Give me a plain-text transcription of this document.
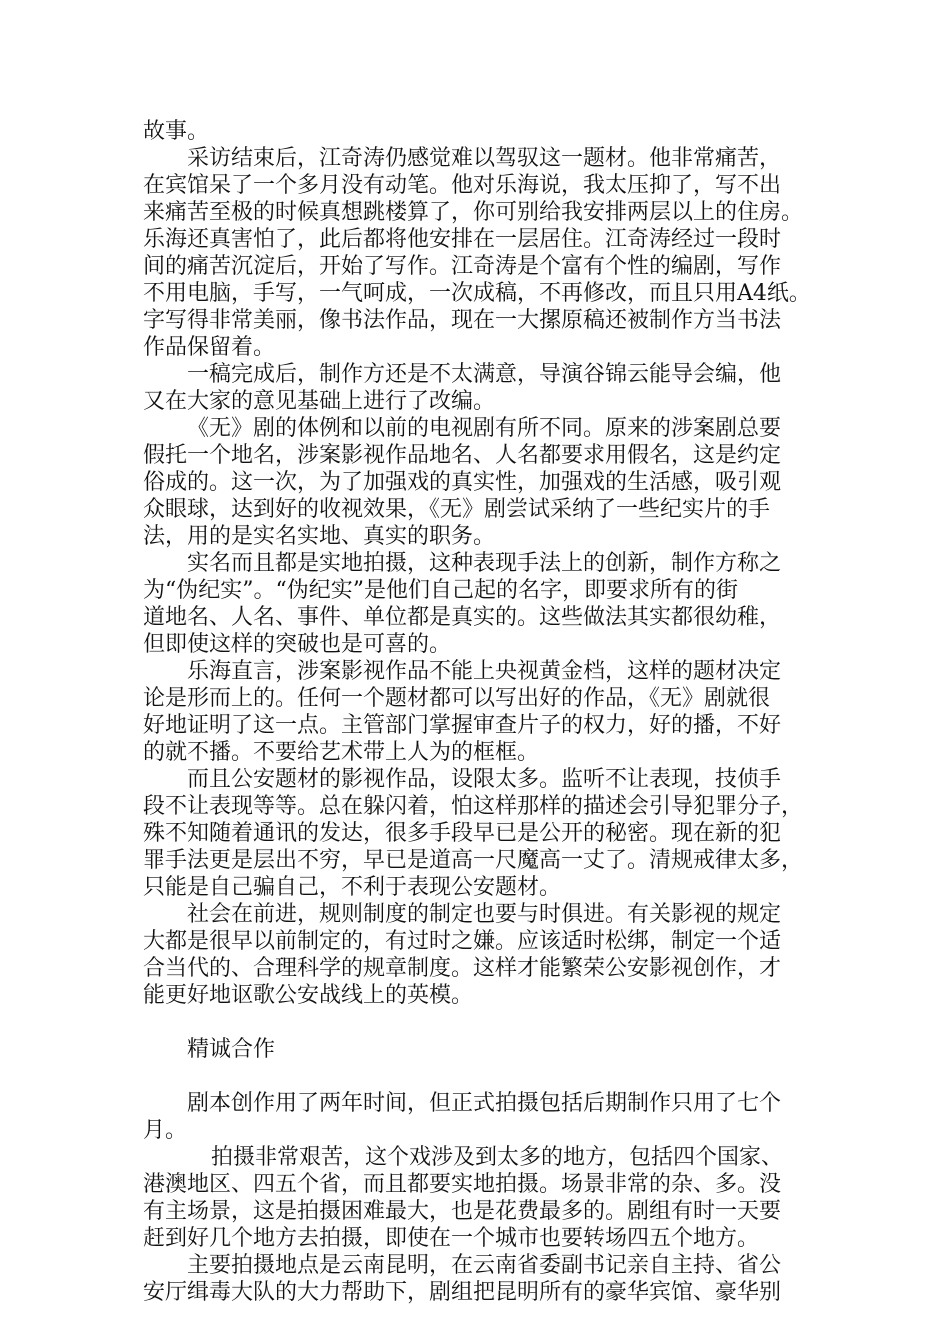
故事。
采访结束后，江奇涛仍感觉难以驾驭这一题材。他非常痛苦，
在宾馆呆了一个多月没有动笔。他对乐海说，我太压抑了，写不出
来痛苦至极的时候真想跳楼算了，你可别给我安排两层以上的住房。
乐海还真害怕了，此后都将他安排在一层居住。江奇涛经过一段时
间的痛苦沉淀后，开始了写作。江奇涛是个富有个性的编剧，写作
不用电脑，手写，一气呵成，一次成稿，不再修改，而且只用A4纸。
字写得非常美丽，像书法作品，现在一大摞原稿还被制作方当书法
作品保留着。
一稿完成后，制作方还是不太满意，导演谷锦云能导会编，他
又在大家的意见基础上进行了改编。
《无》剧的体例和以前的电视剧有所不同。原来的涉案剧总要
假托一个地名，涉案影视作品地名、人名都要求用假名，这是约定
俗成的。这一次，为了加强戏的真实性，加强戏的生活感，吸引观
众眼球，达到好的收视效果，《无》剧尝试采纳了一些纪实片的手
法，用的是实名实地、真实的职务。
实名而且都是实地拍摄，这种表现手法上的创新，制作方称之
为“伪纪实”。“伪纪实”是他们自己起的名字，即要求所有的街
道地名、人名、事件、单位都是真实的。这些做法其实都很幼稚，
但即使这样的突破也是可喜的。
乐海直言，涉案影视作品不能上央视黄金档，这样的题材决定
论是形而上的。任何一个题材都可以写出好的作品，《无》剧就很
好地证明了这一点。主管部门掌握审查片子的权力，好的播，不好
的就不播。不要给艺术带上人为的框框。
而且公安题材的影视作品，设限太多。监听不让表现，技侦手
段不让表现等等。总在躲闪着，怕这样那样的描述会引导犯罪分子，
殊不知随着通讯的发达，很多手段早已是公开的秘密。现在新的犯
罪手法更是层出不穷，早已是道高一尺魔高一丈了。清规戒律太多，
只能是自己骗自己，不利于表现公安题材。
社会在前进，规则制度的制定也要与时俱进。有关影视的规定
大都是很早以前制定的，有过时之嫌。应该适时松绑，制定一个适
合当代的、合理科学的规章制度。这样才能繁荣公安影视创作，才
能更好地讴歌公安战线上的英模。
精诚合作
剧本创作用了两年时间，但正式拍摄包括后期制作只用了七个
月。
拍摄非常艰苦，这个戏涉及到太多的地方，包括四个国家、
港澳地区、四五个省，而且都要实地拍摄。场景非常的杂、多。没
有主场景，这是拍摄困难最大，也是花费最多的。剧组有时一天要
赶到好几个地方去拍摄，即使在一个城市也要转场四五个地方。
主要拍摄地点是云南昆明，在云南省委副书记亲自主持、省公
安厅缉毒大队的大力帮助下，剧组把昆明所有的豪华宾馆、豪华别
